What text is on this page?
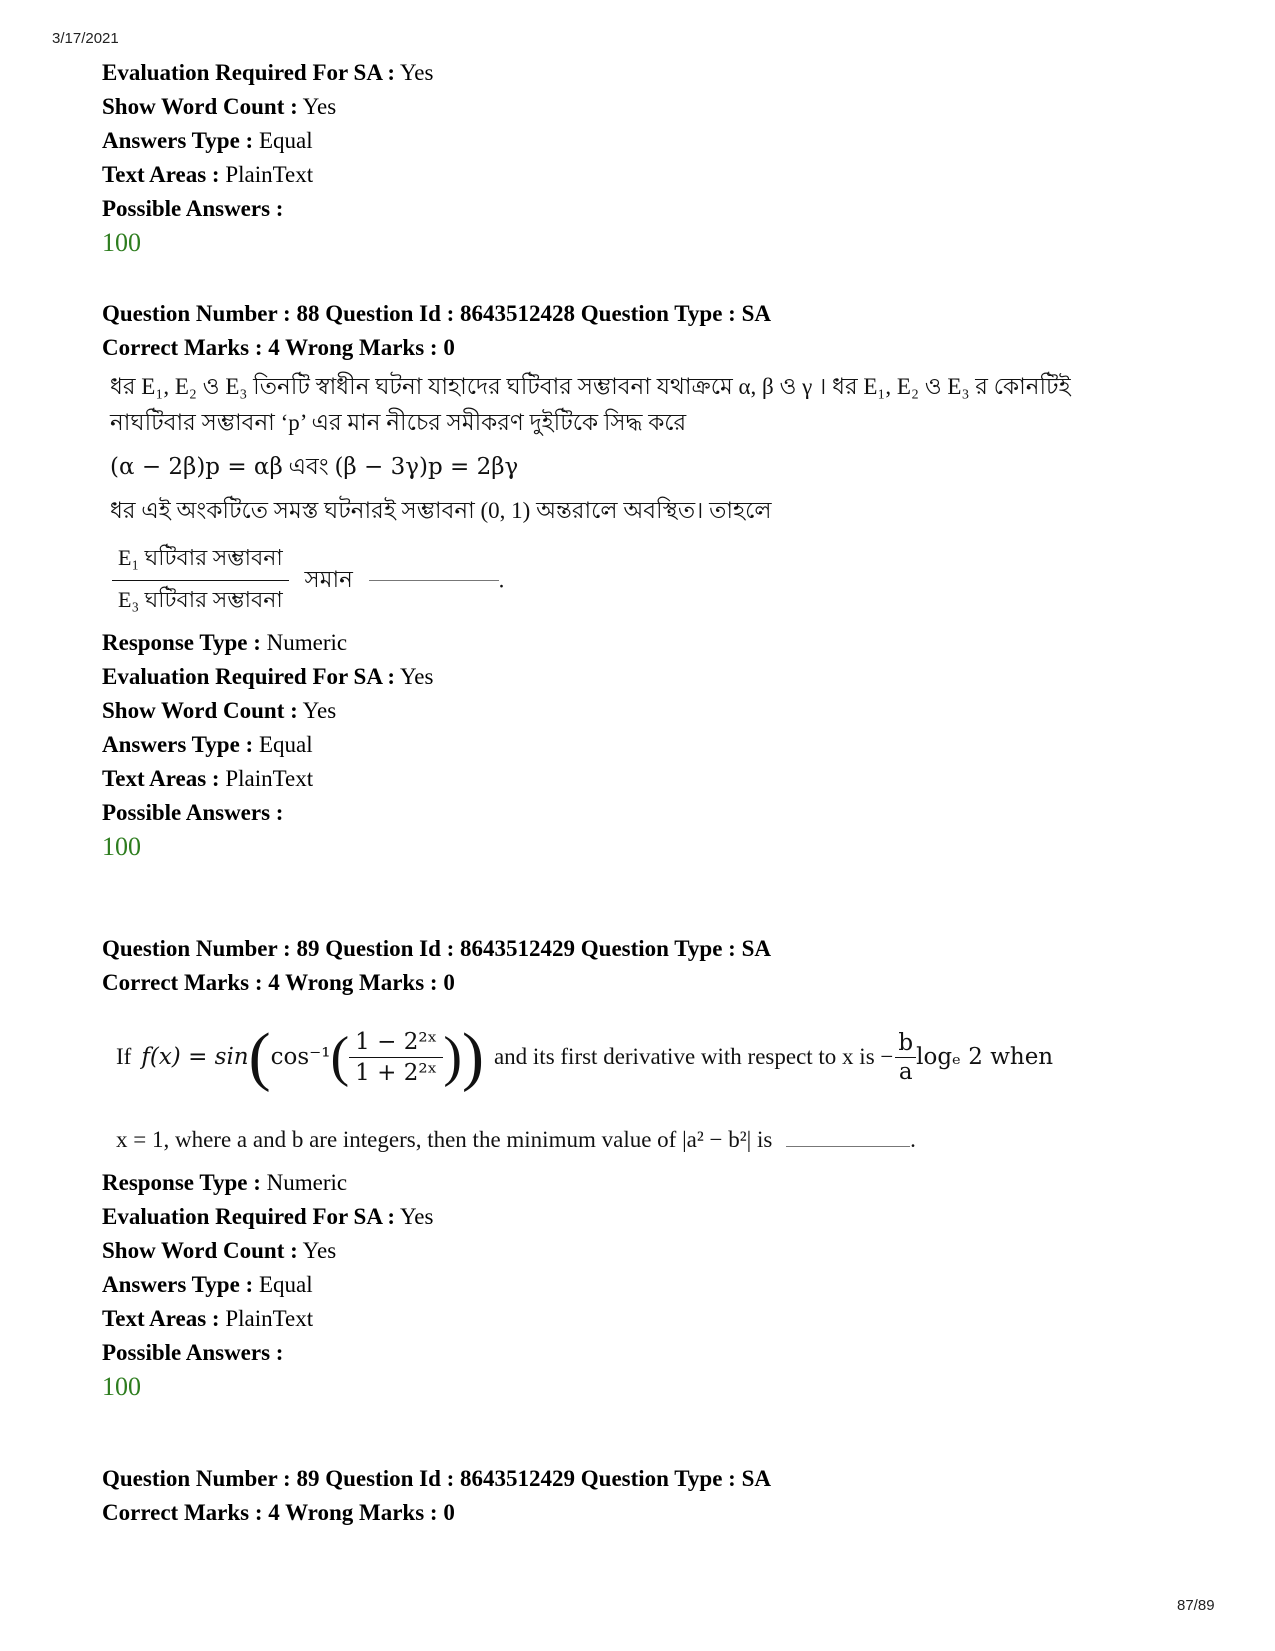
3/17/2021
Evaluation Required For SA : Yes
Show Word Count : Yes
Answers Type : Equal
Text Areas : PlainText
Possible Answers :
100
Question Number : 88 Question Id : 8643512428 Question Type : SA
Correct Marks : 4 Wrong Marks : 0
ধর E₁, E₂ ও E₃ তিনটি স্বাধীন ঘটনা যাহাদের ঘটিবার সম্ভাবনা যথাক্রমে α, β ও γ । ধর E₁, E₂ ও E₃ র কোনটিই
নাঘটিবার সম্ভাবনা ‘p’ এর মান নীচের সমীকরণ দুইটিকে সিদ্ধ করে
(α − 2β)p = αβ এবং (β − 3γ)p = 2βγ
ধর এই অংকটিতে সমস্ত ঘটনারই সম্ভাবনা (0, 1) অন্তরালে অবস্থিত। তাহলে
$\frac{\text{E₁ ঘটিবার সম্ভাবনা}}{\text{E₃ ঘটিবার সম্ভাবনা}}$ সমান	.
Response Type : Numeric
Evaluation Required For SA : Yes
Show Word Count : Yes
Answers Type : Equal
Text Areas : PlainText
Possible Answers :
100
Question Number : 89 Question Id : 8643512429 Question Type : SA
Correct Marks : 4 Wrong Marks : 0
If f(x) = sin ( cos⁻¹ ( $\frac{\text{1 − 2²ˣ}}{\text{1 + 2²ˣ}}$ ) ) and its first derivative with respect to x is − $\frac{b}{a}$ logₑ 2 when
x = 1, where a and b are integers, then the minimum value of |a² − b²| is	.
Response Type : Numeric
Evaluation Required For SA : Yes
Show Word Count : Yes
Answers Type : Equal
Text Areas : PlainText
Possible Answers :
100
Question Number : 89 Question Id : 8643512429 Question Type : SA
Correct Marks : 4 Wrong Marks : 0
87/89
